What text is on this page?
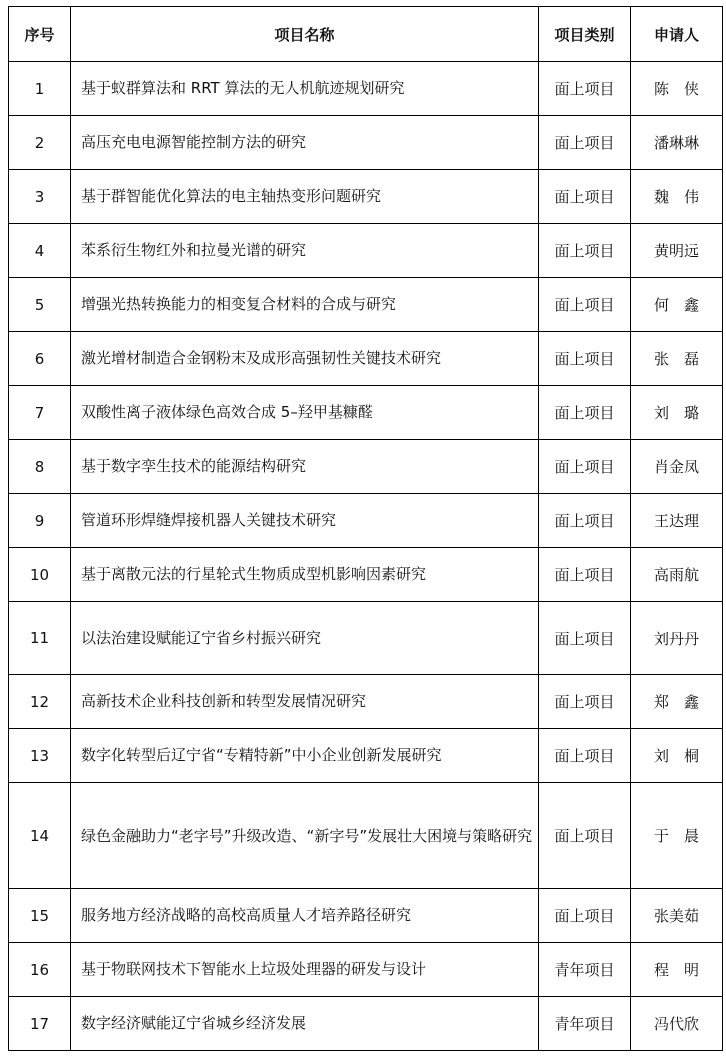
序号	项目名称	项目类别	申请人
1	基于蚁群算法和 RRT 算法的无人机航迹规划研究	面上项目	陈　侠
2	高压充电电源智能控制方法的研究	面上项目	潘琳琳
3	基于群智能优化算法的电主轴热变形问题研究	面上项目	魏　伟
4	苯系衍生物红外和拉曼光谱的研究	面上项目	黄明远
5	增强光热转换能力的相变复合材料的合成与研究	面上项目	何　鑫
6	激光增材制造合金钢粉末及成形高强韧性关键技术研究	面上项目	张　磊
7	双酸性离子液体绿色高效合成 5–羟甲基糠醛	面上项目	刘　璐
8	基于数字孪生技术的能源结构研究	面上项目	肖金凤
9	管道环形焊缝焊接机器人关键技术研究	面上项目	王达理
10	基于离散元法的行星轮式生物质成型机影响因素研究	面上项目	高雨航
11	以法治建设赋能辽宁省乡村振兴研究	面上项目	刘丹丹
12	高新技术企业科技创新和转型发展情况研究	面上项目	郑　鑫
13	数字化转型后辽宁省“专精特新”中小企业创新发展研究	面上项目	刘　桐
14	绿色金融助力“老字号”升级改造、“新字号”发展壮大困境与策略研究	面上项目	于　晨
15	服务地方经济战略的高校高质量人才培养路径研究	面上项目	张美茹
16	基于物联网技术下智能水上垃圾处理器的研发与设计	青年项目	程　明
17	数字经济赋能辽宁省城乡经济发展	青年项目	冯代欣
